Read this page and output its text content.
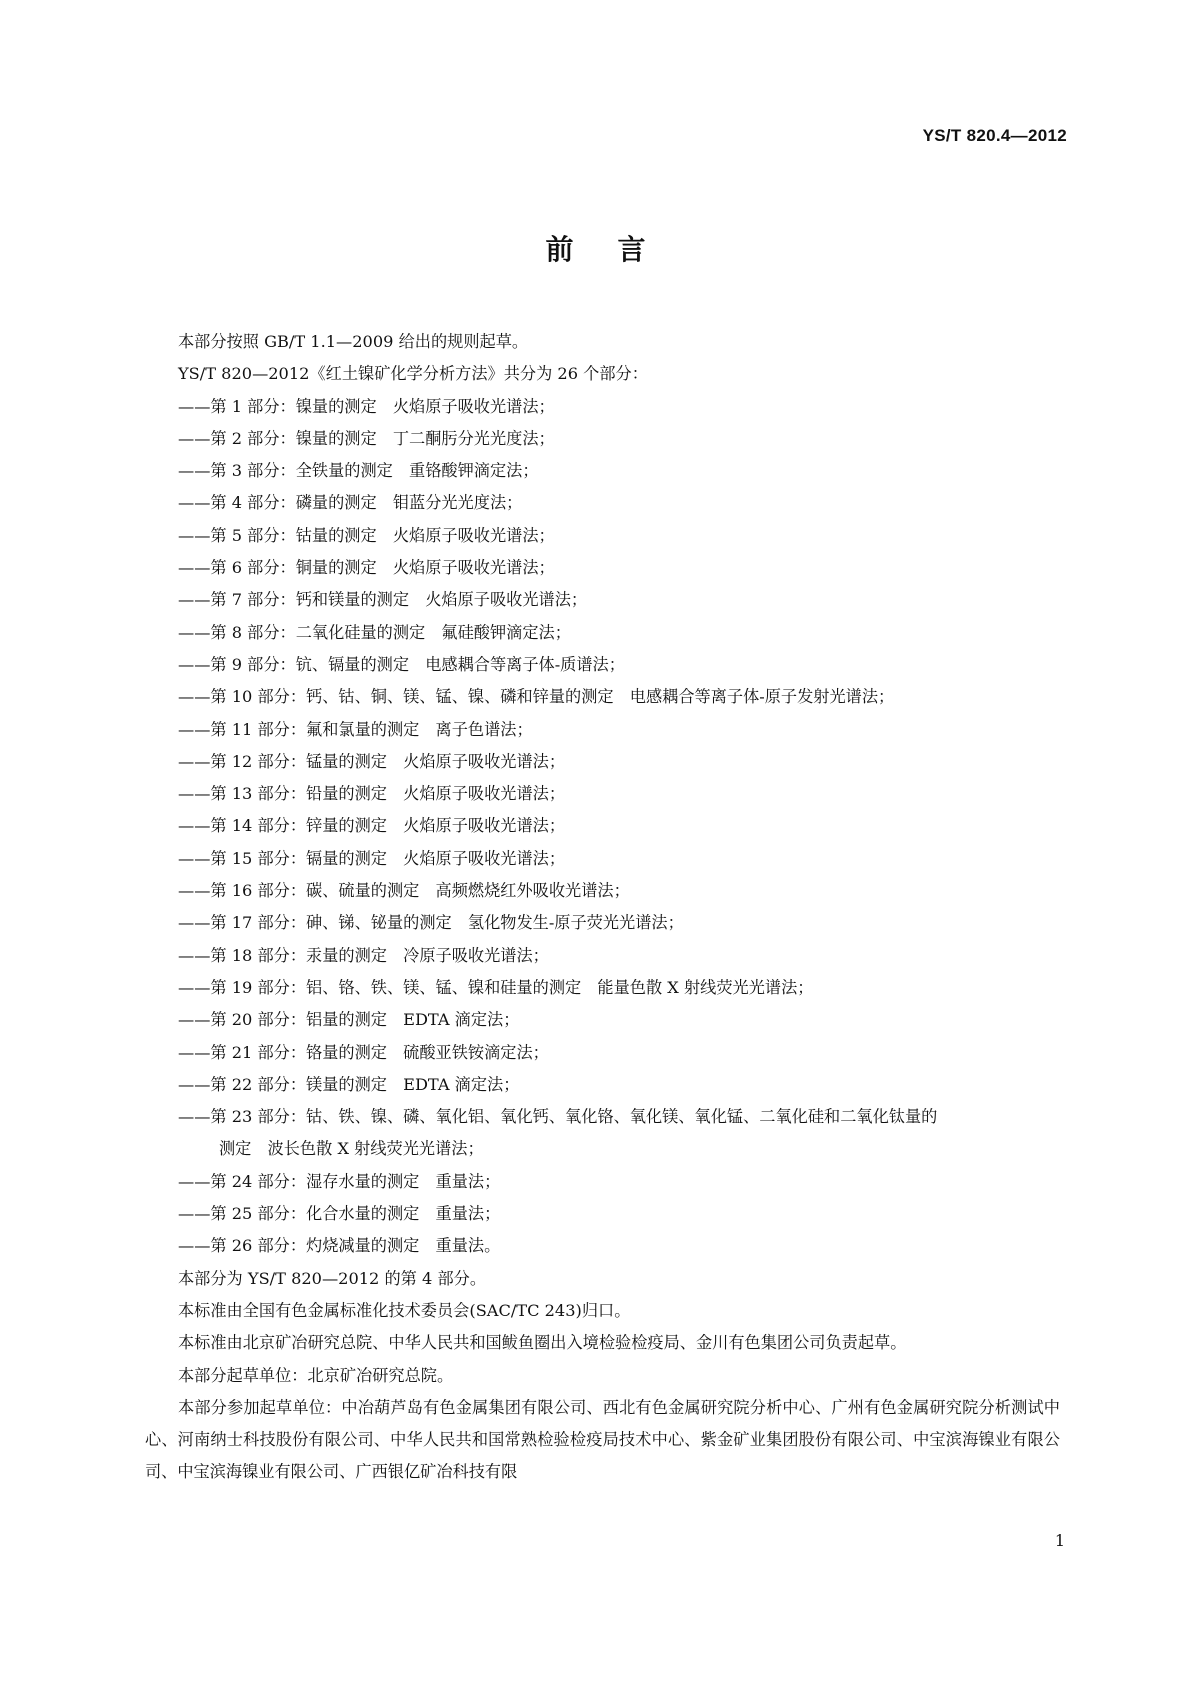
YS/T 820.4—2012
前言
本部分按照 GB/T 1.1—2009 给出的规则起草。
YS/T 820—2012《红土镍矿化学分析方法》共分为 26 个部分：
——第 1 部分：镍量的测定　火焰原子吸收光谱法；
——第 2 部分：镍量的测定　丁二酮肟分光光度法；
——第 3 部分：全铁量的测定　重铬酸钾滴定法；
——第 4 部分：磷量的测定　钼蓝分光光度法；
——第 5 部分：钴量的测定　火焰原子吸收光谱法；
——第 6 部分：铜量的测定　火焰原子吸收光谱法；
——第 7 部分：钙和镁量的测定　火焰原子吸收光谱法；
——第 8 部分：二氧化硅量的测定　氟硅酸钾滴定法；
——第 9 部分：钪、镉量的测定　电感耦合等离子体-质谱法；
——第 10 部分：钙、钴、铜、镁、锰、镍、磷和锌量的测定　电感耦合等离子体-原子发射光谱法；
——第 11 部分：氟和氯量的测定　离子色谱法；
——第 12 部分：锰量的测定　火焰原子吸收光谱法；
——第 13 部分：铅量的测定　火焰原子吸收光谱法；
——第 14 部分：锌量的测定　火焰原子吸收光谱法；
——第 15 部分：镉量的测定　火焰原子吸收光谱法；
——第 16 部分：碳、硫量的测定　高频燃烧红外吸收光谱法；
——第 17 部分：砷、锑、铋量的测定　氢化物发生-原子荧光光谱法；
——第 18 部分：汞量的测定　冷原子吸收光谱法；
——第 19 部分：铝、铬、铁、镁、锰、镍和硅量的测定　能量色散 X 射线荧光光谱法；
——第 20 部分：铝量的测定　EDTA 滴定法；
——第 21 部分：铬量的测定　硫酸亚铁铵滴定法；
——第 22 部分：镁量的测定　EDTA 滴定法；
——第 23 部分：钴、铁、镍、磷、氧化铝、氧化钙、氧化铬、氧化镁、氧化锰、二氧化硅和二氧化钛量的
测定　波长色散 X 射线荧光光谱法；
——第 24 部分：湿存水量的测定　重量法；
——第 25 部分：化合水量的测定　重量法；
——第 26 部分：灼烧减量的测定　重量法。
本部分为 YS/T 820—2012 的第 4 部分。
本标准由全国有色金属标准化技术委员会(SAC/TC 243)归口。
本标准由北京矿冶研究总院、中华人民共和国鲅鱼圈出入境检验检疫局、金川有色集团公司负责起草。
本部分起草单位：北京矿冶研究总院。
本部分参加起草单位：中冶葫芦岛有色金属集团有限公司、西北有色金属研究院分析中心、广州有色金属研究院分析测试中心、河南纳士科技股份有限公司、中华人民共和国常熟检验检疫局技术中心、紫金矿业集团股份有限公司、中宝滨海镍业有限公司、中宝滨海镍业有限公司、广西银亿矿冶科技有限
1
